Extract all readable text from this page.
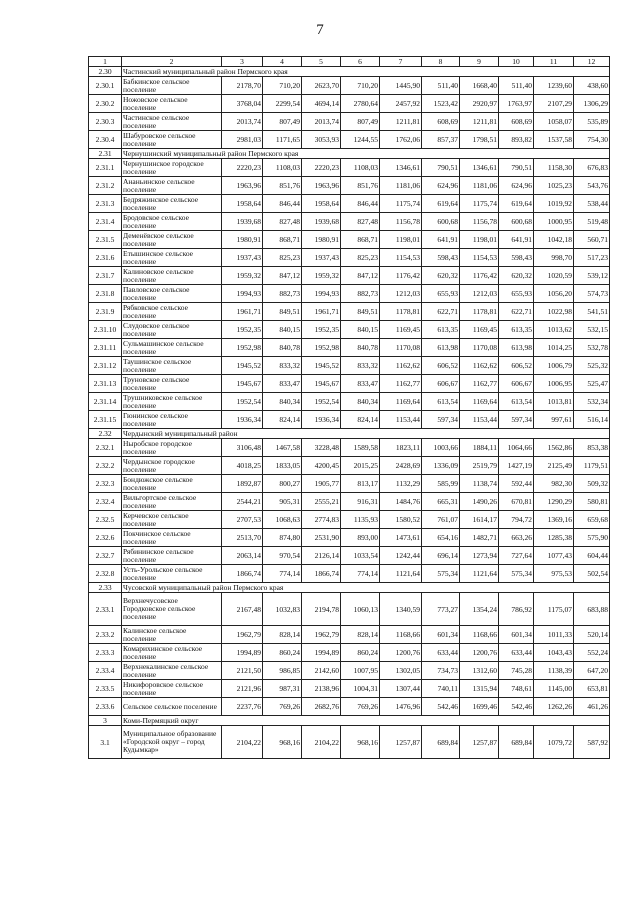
7
1	2	3	4	5	6	7	8	9	10	11	12
2.30	Частинский муниципальный район Пермского края										
2.30.1	Бабкинское сельское поселение	2178,70	710,20	2623,70	710,20	1445,90	511,40	1668,40	511,40	1239,60	438,60
2.30.2	Ножовское сельское поселение	3768,04	2299,54	4694,14	2780,64	2457,92	1523,42	2920,97	1763,97	2107,29	1306,29
2.30.3	Частинское сельское поселение	2013,74	807,49	2013,74	807,49	1211,81	608,69	1211,81	608,69	1058,07	535,89
2.30.4	Шабуровское сельское поселение	2981,03	1171,65	3053,93	1244,55	1762,06	857,37	1798,51	893,82	1537,58	754,30
2.31	Чернушинский муниципальный район Пермского края										
2.31.1	Чернушинское городское поселение	2220,23	1108,03	2220,23	1108,03	1346,61	790,51	1346,61	790,51	1158,30	676,83
2.31.2	Ананьинское сельское поселение	1963,96	851,76	1963,96	851,76	1181,06	624,96	1181,06	624,96	1025,23	543,76
2.31.3	Бедряжинское сельское поселение	1958,64	846,44	1958,64	846,44	1175,74	619,64	1175,74	619,64	1019,92	538,44
2.31.4	Бродовское сельское поселение	1939,68	827,48	1939,68	827,48	1156,78	600,68	1156,78	600,68	1000,95	519,48
2.31.5	Деменёвское сельское поселение	1980,91	868,71	1980,91	868,71	1198,01	641,91	1198,01	641,91	1042,18	560,71
2.31.6	Етышинское сельское поселение	1937,43	825,23	1937,43	825,23	1154,53	598,43	1154,53	598,43	998,70	517,23
2.31.7	Калиновское сельское поселение	1959,32	847,12	1959,32	847,12	1176,42	620,32	1176,42	620,32	1020,59	539,12
2.31.8	Павловское сельское поселение	1994,93	882,73	1994,93	882,73	1212,03	655,93	1212,03	655,93	1056,20	574,73
2.31.9	Рябковское сельское поселение	1961,71	849,51	1961,71	849,51	1178,81	622,71	1178,81	622,71	1022,98	541,51
2.31.10	Слудовское сельское поселение	1952,35	840,15	1952,35	840,15	1169,45	613,35	1169,45	613,35	1013,62	532,15
2.31.11	Сульмашинское сельское поселение	1952,98	840,78	1952,98	840,78	1170,08	613,98	1170,08	613,98	1014,25	532,78
2.31.12	Таушинское сельское поселение	1945,52	833,32	1945,52	833,32	1162,62	606,52	1162,62	606,52	1006,79	525,32
2.31.13	Труновское сельское поселение	1945,67	833,47	1945,67	833,47	1162,77	606,67	1162,77	606,67	1006,95	525,47
2.31.14	Трушниковское сельское поселение	1952,54	840,34	1952,54	840,34	1169,64	613,54	1169,64	613,54	1013,81	532,34
2.31.15	Гюнинское сельское поселение	1936,34	824,14	1936,34	824,14	1153,44	597,34	1153,44	597,34	997,61	516,14
2.32	Чердынский муниципальный район										
2.32.1	Ныробское городское поселение	3106,48	1467,58	3228,48	1589,58	1823,11	1003,66	1884,11	1064,66	1562,86	853,38
2.32.2	Чердынское городское поселение	4018,25	1833,05	4200,45	2015,25	2428,69	1336,09	2519,79	1427,19	2125,49	1179,51
2.32.3	Бондюжское сельское поселение	1892,87	800,27	1905,77	813,17	1132,29	585,99	1138,74	592,44	982,30	509,32
2.32.4	Вильгортское сельское поселение	2544,21	905,31	2555,21	916,31	1484,76	665,31	1490,26	670,81	1290,29	580,81
2.32.5	Керчевское сельское поселение	2707,53	1068,63	2774,83	1135,93	1580,52	761,07	1614,17	794,72	1369,16	659,68
2.32.6	Покчинское сельское поселение	2513,70	874,80	2531,90	893,00	1473,61	654,16	1482,71	663,26	1285,38	575,90
2.32.7	Рябининское сельское поселение	2063,14	970,54	2126,14	1033,54	1242,44	696,14	1273,94	727,64	1077,43	604,44
2.32.8	Усть-Урольское сельское поселение	1866,74	774,14	1866,74	774,14	1121,64	575,34	1121,64	575,34	975,53	502,54
2.33	Чусовской муниципальный район Пермского края										
2.33.1	Верхнечусовское Городковское сельское поселение	2167,48	1032,83	2194,78	1060,13	1340,59	773,27	1354,24	786,92	1175,07	683,88
2.33.2	Калинское сельское поселение	1962,79	828,14	1962,79	828,14	1168,66	601,34	1168,66	601,34	1011,33	520,14
2.33.3	Комарихинское сельское поселение	1994,89	860,24	1994,89	860,24	1200,76	633,44	1200,76	633,44	1043,43	552,24
2.33.4	Верхнекалинское сельское поселение	2121,50	986,85	2142,60	1007,95	1302,05	734,73	1312,60	745,28	1138,39	647,20
2.33.5	Никифоровское сельское поселение	2121,96	987,31	2138,96	1004,31	1307,44	740,11	1315,94	748,61	1145,00	653,81
2.33.6	Сельское сельское поселение	2237,76	769,26	2682,76	769,26	1476,96	542,46	1699,46	542,46	1262,26	461,26
3	Коми-Пермяцкий округ										
3.1	Муниципальное образование «Городской округ – город Кудымкар»	2104,22	968,16	2104,22	968,16	1257,87	689,84	1257,87	689,84	1079,72	587,92
